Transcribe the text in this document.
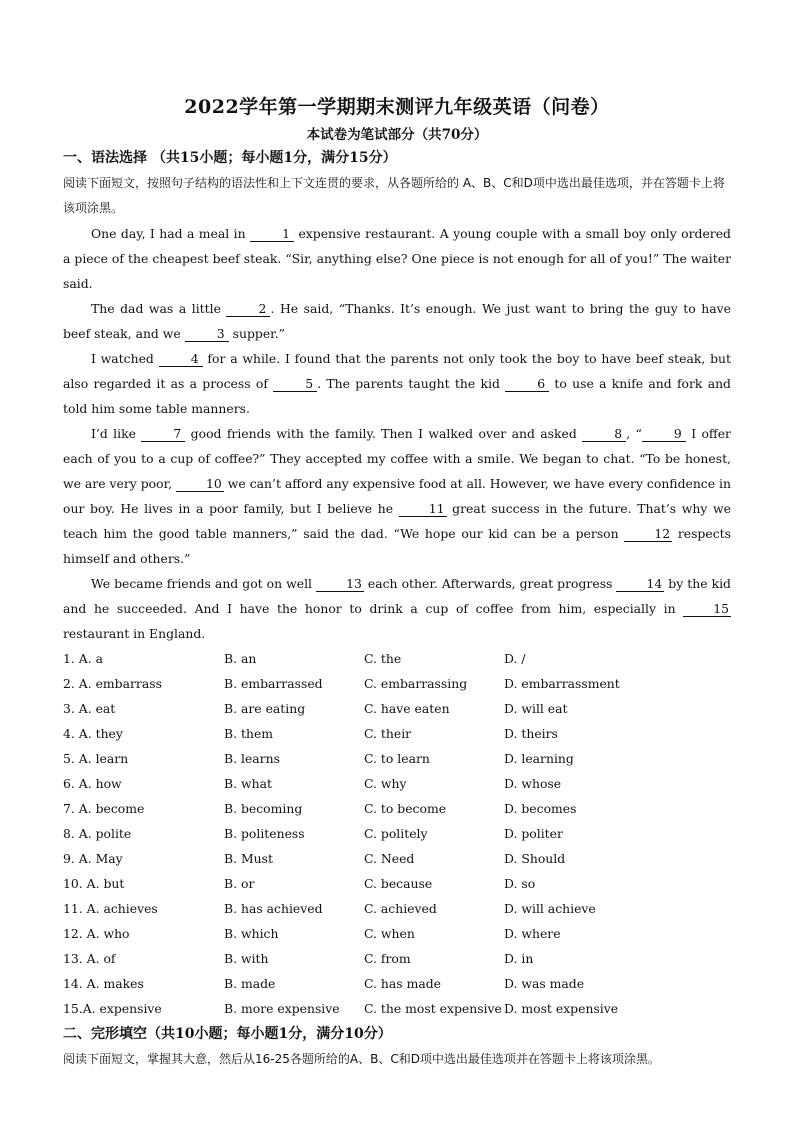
2022学年第一学期期末测评九年级英语（问卷）
本试卷为笔试部分（共70分）
一、语法选择 （共15小题；每小题1分，满分15分）

阅读下面短文，按照句子结构的语法性和上下文连贯的要求，从各题所给的 A、B、C和D项中选出最佳选项，并在答题卡上将该项涂黑。

One day, I had a meal in	1 expensive restaurant. A young couple with a small boy only ordered a piece of the cheapest beef steak. “Sir, anything else? One piece is not enough for all of you!” The waiter said.

The dad was a little	2 . He said, “Thanks. It’s enough. We just want to bring the guy to have beef steak, and we	3 supper.”

I watched	4 for a while. I found that the parents not only took the boy to have beef steak, but also regarded it as a process of	5 . The parents taught the kid	6 to use a knife and fork and told him some table manners.

I’d like	7 good friends with the family. Then I walked over and asked	8 , “	9 I offer each of you to a cup of coffee?” They accepted my coffee with a smile. We began to chat. “To be honest, we are very poor, 10 we can’t afford any expensive food at all. However, we have every confidence in our boy. He lives in a poor family, but I believe he 11 great success in the future. That’s why we teach him the good table manners,” said the dad. “We hope our kid can be a person 12 respects himself and others.”

We became friends and got on well 13 each other. Afterwards, great progress 14 by the kid and he succeeded. And I have the honor to drink a cup of coffee from him, especially in 15 restaurant in England.

1. A. a	B. an	C. the	D. /
2. A. embarrass	B. embarrassed	C. embarrassing	D. embarrassment
3. A. eat	B. are eating	C. have eaten	D. will eat
4. A. they	B. them	C. their	D. theirs
5. A. learn	B. learns	C. to learn	D. learning
6. A. how	B. what	C. why	D. whose
7. A. become	B. becoming	C. to become	D. becomes
8. A. polite	B. politeness	C. politely	D. politer
9. A. May	B. Must	C. Need	D. Should
10. A. but	B. or	C. because	D. so
11. A. achieves	B. has achieved	C. achieved	D. will achieve
12. A. who	B. which	C. when	D. where
13. A. of	B. with	C. from	D. in
14. A. makes	B. made	C. has made	D. was made
15.A. expensive	B. more expensive	C. the most expensive D. most expensive
二、完形填空（共10小题；每小题1分，满分10分）

阅读下面短文，掌握其大意，然后从16-25各题所给的A、B、C和D项中选出最佳选项并在答题卡上将该项涂黑。
